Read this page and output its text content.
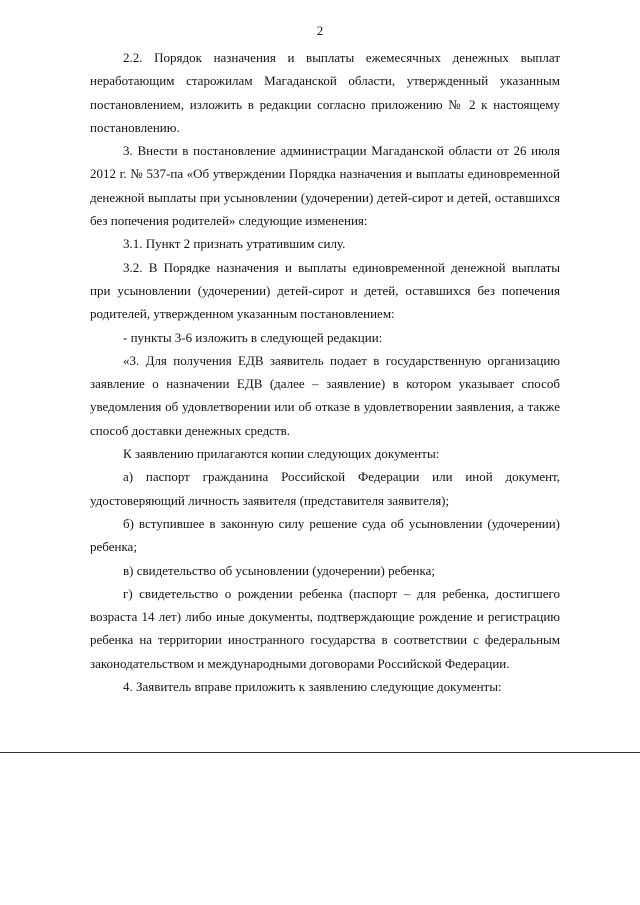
2

2.2. Порядок назначения и выплаты ежемесячных денежных выплат неработающим старожилам Магаданской области, утвержденный указанным постановлением, изложить в редакции согласно приложению № 2 к настоящему постановлению.

3. Внести в постановление администрации Магаданской области от 26 июля 2012 г. № 537-па «Об утверждении Порядка назначения и выплаты единовременной денежной выплаты при усыновлении (удочерении) детей-сирот и детей, оставшихся без попечения родителей» следующие изменения:

3.1. Пункт 2 признать утратившим силу.

3.2. В Порядке назначения и выплаты единовременной денежной выплаты при усыновлении (удочерении) детей-сирот и детей, оставшихся без попечения родителей, утвержденном указанным постановлением:

- пункты 3-6 изложить в следующей редакции:

«3. Для получения ЕДВ заявитель подает в государственную организацию заявление о назначении ЕДВ (далее – заявление) в котором указывает способ уведомления об удовлетворении или об отказе в удовлетворении заявления, а также способ доставки денежных средств.

К заявлению прилагаются копии следующих документы:

а) паспорт гражданина Российской Федерации или иной документ, удостоверяющий личность заявителя (представителя заявителя);

б) вступившее в законную силу решение суда об усыновлении (удочерении) ребенка;

в) свидетельство об усыновлении (удочерении) ребенка;

г) свидетельство о рождении ребенка (паспорт – для ребенка, достигшего возраста 14 лет) либо иные документы, подтверждающие рождение и регистрацию ребенка на территории иностранного государства в соответствии с федеральным законодательством и международными договорами Российской Федерации.

4. Заявитель вправе приложить к заявлению следующие документы:
